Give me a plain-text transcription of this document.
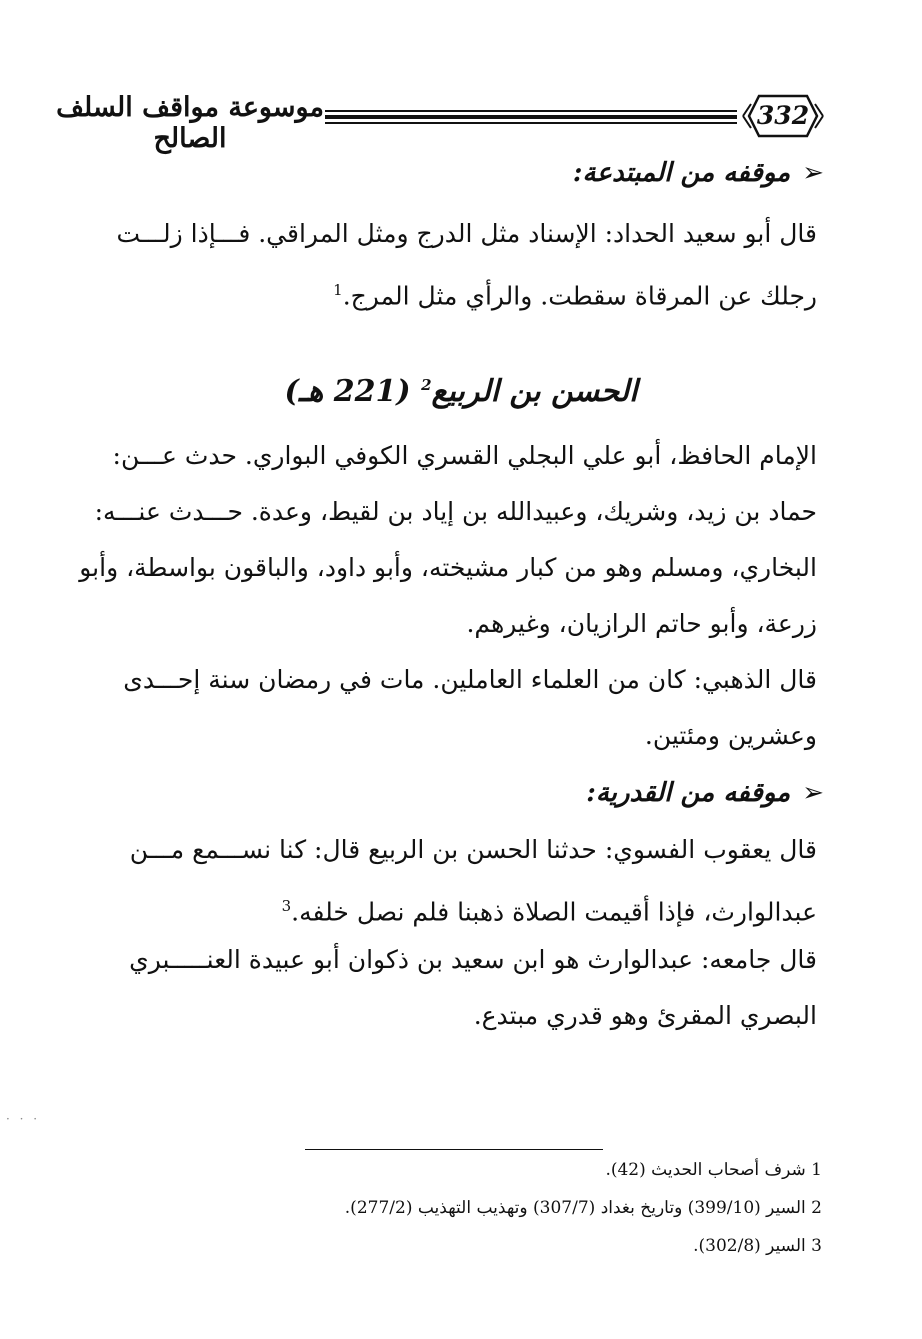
332
موسوعة مواقف السلف الصالح
➢موقفه من المبتدعة:

قال أبو سعيد الحداد: الإسناد مثل الدرج ومثل المراقي. فـــإذا زلـــت
رجلك عن المرقاة سقطت. والرأي مثل المرج.$^1$

الحسن بن الربيع$^2$ (221 هـ)

الإمام الحافظ، أبو علي البجلي القسري الكوفي البواري. حدث عـــن:
حماد بن زيد، وشريك، وعبيدالله بن إياد بن لقيط، وعدة. حـــدث عنـــه:
البخاري، ومسلم وهو من كبار مشيخته، وأبو داود، والباقون بواسطة، وأبو
زرعة، وأبو حاتم الرازيان، وغيرهم.

قال الذهبي: كان من العلماء العاملين. مات في رمضان سنة إحـــدى
وعشرين ومئتين.

➢موقفه من القدرية:

قال يعقوب الفسوي: حدثنا الحسن بن الربيع قال: كنا نســـمع مـــن
عبدالوارث، فإذا أقيمت الصلاة ذهبنا فلم نصل خلفه.$^3$

قال جامعه: عبدالوارث هو ابن سعيد بن ذكوان أبو عبيدة العنـــــبري
البصري المقرئ وهو قدري مبتدع.

· · ·
1 شرف أصحاب الحديث (42).
2 السير (399/10) وتاريخ بغداد (307/7) وتهذيب التهذيب (277/2).
3 السير (302/8).
